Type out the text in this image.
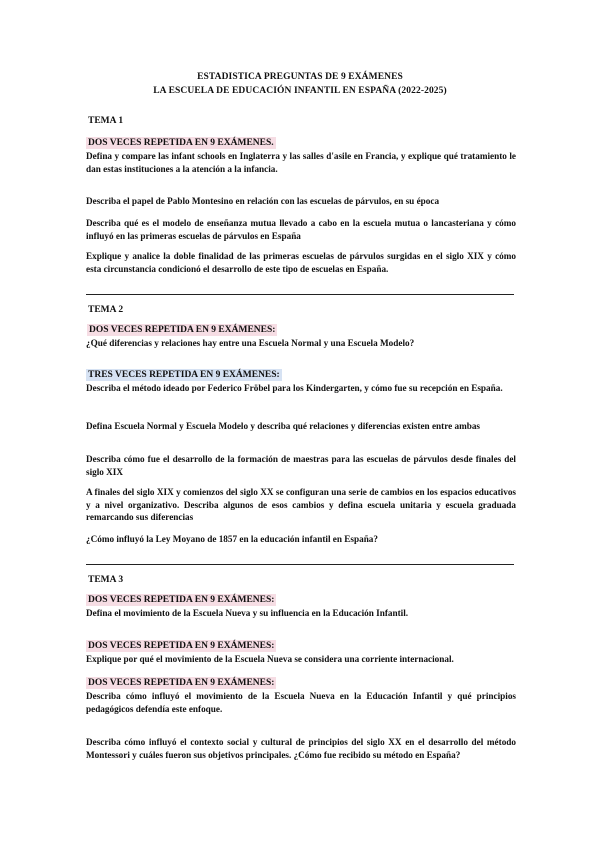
ESTADISTICA PREGUNTAS DE 9 EXÁMENES
LA ESCUELA DE EDUCACIÓN INFANTIL EN ESPAÑA (2022-2025)
TEMA 1
DOS VECES REPETIDA EN 9 EXÁMENES.
Defina y compare las infant schools en Inglaterra y las salles d'asile en Francia, y explique qué tratamiento le dan estas instituciones a la atención a la infancia.
Describa el papel de Pablo Montesino en relación con las escuelas de párvulos, en su época
Describa qué es el modelo de enseñanza mutua llevado a cabo en la escuela mutua o lancasteriana y cómo influyó en las primeras escuelas de párvulos en España
Explique y analice la doble finalidad de las primeras escuelas de párvulos surgidas en el siglo XIX y cómo esta circunstancia condicionó el desarrollo de este tipo de escuelas en España.
TEMA 2
DOS VECES REPETIDA EN 9 EXÁMENES:
¿Qué diferencias y relaciones hay entre una Escuela Normal y una Escuela Modelo?
TRES VECES REPETIDA EN 9 EXÁMENES:
Describa el método ideado por Federico Fröbel para los Kindergarten, y cómo fue su recepción en España.
Defina Escuela Normal y Escuela Modelo y describa qué relaciones y diferencias existen entre ambas
Describa cómo fue el desarrollo de la formación de maestras para las escuelas de párvulos desde finales del siglo XIX
A finales del siglo XIX y comienzos del siglo XX se configuran una serie de cambios en los espacios educativos y a nivel organizativo. Describa algunos de esos cambios y defina escuela unitaria y escuela graduada remarcando sus diferencias
¿Cómo influyó la Ley Moyano de 1857 en la educación infantil en España?
TEMA 3
DOS VECES REPETIDA EN 9 EXÁMENES:
Defina el movimiento de la Escuela Nueva y su influencia en la Educación Infantil.
DOS VECES REPETIDA EN 9 EXÁMENES:
Explique por qué el movimiento de la Escuela Nueva se considera una corriente internacional.
DOS VECES REPETIDA EN 9 EXÁMENES:
Describa cómo influyó el movimiento de la Escuela Nueva en la Educación Infantil y qué principios pedagógicos defendía este enfoque.
Describa cómo influyó el contexto social y cultural de principios del siglo XX en el desarrollo del método Montessori y cuáles fueron sus objetivos principales. ¿Cómo fue recibido su método en España?
